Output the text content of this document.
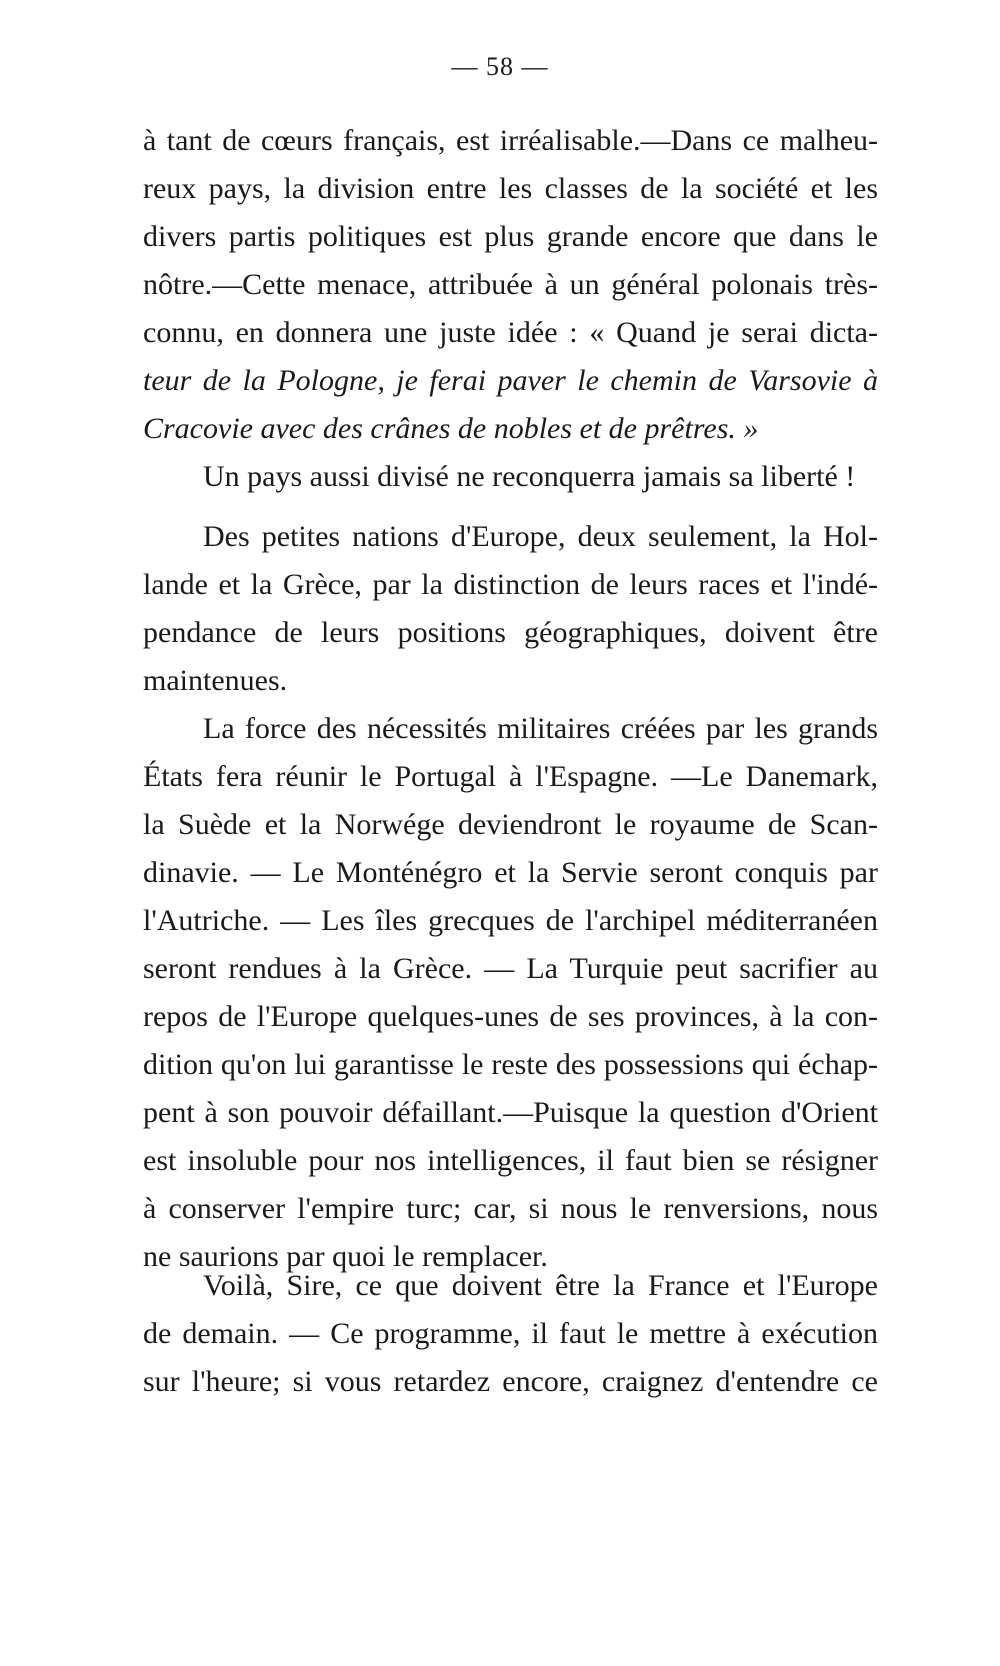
— 58 —
à tant de cœurs français, est irréalisable.—Dans ce malheu-
reux pays, la division entre les classes de la société et les
divers partis politiques est plus grande encore que dans le
nôtre.—Cette menace, attribuée à un général polonais très-
connu, en donnera une juste idée : « Quand je serai dicta-
teur de la Pologne, je ferai paver le chemin de Varsovie à
Cracovie avec des crânes de nobles et de prêtres. »
Un pays aussi divisé ne reconquerra jamais sa liberté !
Des petites nations d'Europe, deux seulement, la Hol-
lande et la Grèce, par la distinction de leurs races et l'indé-
pendance de leurs positions géographiques, doivent être
maintenues.
La force des nécessités militaires créées par les grands
États fera réunir le Portugal à l'Espagne. —Le Danemark,
la Suède et la Norwége deviendront le royaume de Scan-
dinavie. — Le Monténégro et la Servie seront conquis par
l'Autriche. — Les îles grecques de l'archipel méditerranéen
seront rendues à la Grèce. — La Turquie peut sacrifier au
repos de l'Europe quelques-unes de ses provinces, à la con-
dition qu'on lui garantisse le reste des possessions qui échap-
pent à son pouvoir défaillant.—Puisque la question d'Orient
est insoluble pour nos intelligences, il faut bien se résigner
à conserver l'empire turc; car, si nous le renversions, nous
ne saurions par quoi le remplacer.
Voilà, Sire, ce que doivent être la France et l'Europe
de demain. — Ce programme, il faut le mettre à exécution
sur l'heure; si vous retardez encore, craignez d'entendre ce
